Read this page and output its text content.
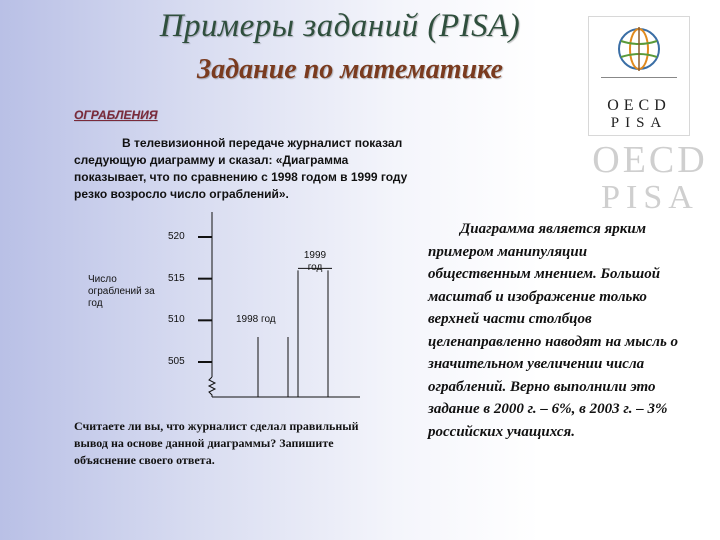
Примеры заданий (PISA)
Задание по математике
OECD
PISA
OECD
PISA
ОГРАБЛЕНИЯ
В телевизионной передаче журналист показал следующую диаграмму и сказал: «Диаграмма показывает, что по сравнению с 1998 годом в 1999 году резко возросло число ограблений».
Число ограблений за год
1999 год
1998 год
520
515
510
505
Считаете ли вы, что журналист сделал правильный вывод на основе данной диаграммы? Запишите объяснение своего ответа.
Диаграмма является ярким примером манипуляции общественным мнением. Большой масштаб и изображение только верхней части столбцов целенаправленно наводят на мысль о значительном увеличении числа ограблений. Верно выполнили это задание в 2000 г. – 6%, в 2003 г. – 3% российских учащихся.
